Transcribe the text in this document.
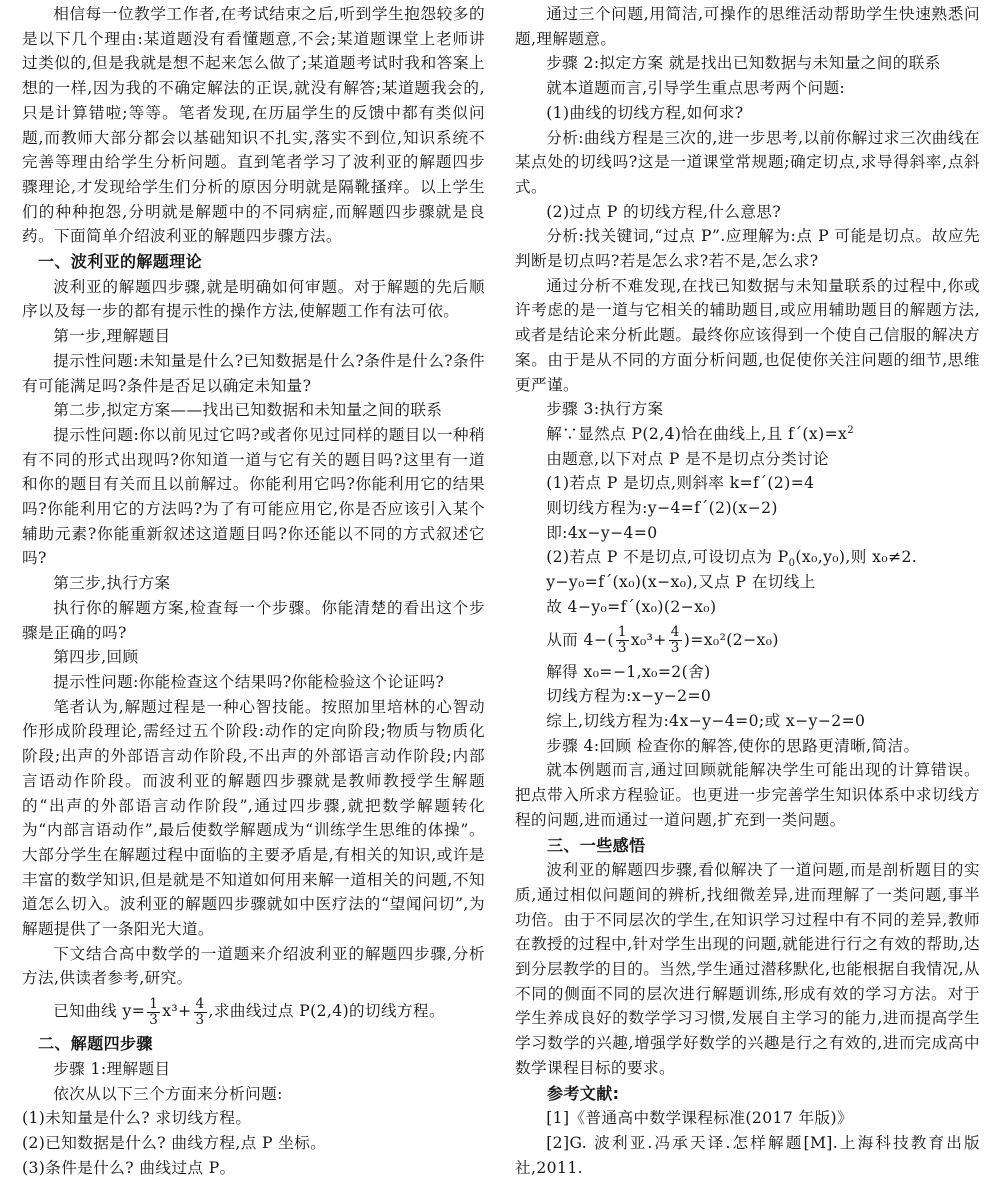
相信每一位教学工作者,在考试结束之后,听到学生抱怨较多的是以下几个理由:某道题没有看懂题意,不会;某道题课堂上老师讲过类似的,但是我就是想不起来怎么做了;某道题考试时我和答案上想的一样,因为我的不确定解法的正误,就没有解答;某道题我会的,只是计算错啦;等等。笔者发现,在历届学生的反馈中都有类似问题,而教师大部分都会以基础知识不扎实,落实不到位,知识系统不完善等理由给学生分析问题。直到笔者学习了波利亚的解题四步骤理论,才发现给学生们分析的原因分明就是隔靴搔痒。以上学生们的种种抱怨,分明就是解题中的不同病症,而解题四步骤就是良药。下面简单介绍波利亚的解题四步骤方法。

一、波利亚的解题理论

波利亚的解题四步骤,就是明确如何审题。对于解题的先后顺序以及每一步的都有提示性的操作方法,使解题工作有法可依。

第一步,理解题目

提示性问题:未知量是什么?已知数据是什么?条件是什么?条件有可能满足吗?条件是否足以确定未知量?

第二步,拟定方案——找出已知数据和未知量之间的联系

提示性问题:你以前见过它吗?或者你见过同样的题目以一种稍有不同的形式出现吗?你知道一道与它有关的题目吗?这里有一道和你的题目有关而且以前解过。你能利用它吗?你能利用它的结果吗?你能利用它的方法吗?为了有可能应用它,你是否应该引入某个辅助元素?你能重新叙述这道题目吗?你还能以不同的方式叙述它吗?

第三步,执行方案

执行你的解题方案,检查每一个步骤。你能清楚的看出这个步骤是正确的吗?

第四步,回顾

提示性问题:你能检查这个结果吗?你能检验这个论证吗?

笔者认为,解题过程是一种心智技能。按照加里培林的心智动作形成阶段理论,需经过五个阶段:动作的定向阶段;物质与物质化阶段;出声的外部语言动作阶段,不出声的外部语言动作阶段;内部言语动作阶段。而波利亚的解题四步骤就是教师教授学生解题的“出声的外部语言动作阶段”,通过四步骤,就把数学解题转化为“内部言语动作”,最后使数学解题成为“训练学生思维的体操”。大部分学生在解题过程中面临的主要矛盾是,有相关的知识,或许是丰富的数学知识,但是就是不知道如何用来解一道相关的问题,不知道怎么切入。波利亚的解题四步骤就如中医疗法的“望闻问切”,为解题提供了一条阳光大道。

下文结合高中数学的一道题来介绍波利亚的解题四步骤,分析方法,供读者参考,研究。

已知曲线 $y= \frac{1}{3} x^3+ \frac{4}{3}$ ,求曲线过点 P(2,4)的切线方程。

二、解题四步骤

步骤 1:理解题目

依次从以下三个方面来分析问题:

(1)未知量是什么? 求切线方程。

(2)已知数据是什么? 曲线方程,点 P 坐标。

(3)条件是什么? 曲线过点 P。

通过三个问题,用简洁,可操作的思维活动帮助学生快速熟悉问题,理解题意。

步骤 2:拟定方案 就是找出已知数据与未知量之间的联系

就本道题而言,引导学生重点思考两个问题:

(1)曲线的切线方程,如何求?

分析:曲线方程是三次的,进一步思考,以前你解过求三次曲线在某点处的切线吗?这是一道课堂常规题;确定切点,求导得斜率,点斜式。

(2)过点 P 的切线方程,什么意思?

分析:找关键词,“过点 P”.应理解为:点 P 可能是切点。故应先判断是切点吗?若是怎么求?若不是,怎么求?

通过分析不难发现,在找已知数据与未知量联系的过程中,你或许考虑的是一道与它相关的辅助题目,或应用辅助题目的解题方法,或者是结论来分析此题。最终你应该得到一个使自己信服的解决方案。由于是从不同的方面分析问题,也促使你关注问题的细节,思维更严谨。

步骤 3:执行方案

解∵显然点 P(2,4)恰在曲线上,且 $f´(x)=x^2$

由题意,以下对点 P 是不是切点分类讨论

(1)若点 P 是切点,则斜率 k=f´(2)=4

则切线方程为:y−4=f´(2)(x−2)

即:4x−y−4=0

(2)若点 P 不是切点,可设切点为 $P_0(x_0,y_0)$,则 x₀≠2.

y−y₀=f´(x₀)(x−x₀),又点 P 在切线上

故 4−y₀=f´(x₀)(2−x₀)

从而 $4-( \frac{1}{3} x_0^3+ \frac{4}{3} )=x_0^2(2-x_0)$

解得 x₀=−1,x₀=2(舍)

切线方程为:x−y−2=0

综上,切线方程为:4x−y−4=0;或 x−y−2=0

步骤 4:回顾 检查你的解答,使你的思路更清晰,简洁。

就本例题而言,通过回顾就能解决学生可能出现的计算错误。把点带入所求方程验证。也更进一步完善学生知识体系中求切线方程的问题,进而通过一道问题,扩充到一类问题。

三、一些感悟

波利亚的解题四步骤,看似解决了一道问题,而是剖析题目的实质,通过相似问题间的辨析,找细微差异,进而理解了一类问题,事半功倍。由于不同层次的学生,在知识学习过程中有不同的差异,教师在教授的过程中,针对学生出现的问题,就能进行行之有效的帮助,达到分层教学的目的。当然,学生通过潜移默化,也能根据自我情况,从不同的侧面不同的层次进行解题训练,形成有效的学习方法。对于学生养成良好的数学学习习惯,发展自主学习的能力,进而提高学生学习数学的兴趣,增强学好数学的兴趣是行之有效的,进而完成高中数学课程目标的要求。

参考文献:

[1]《普通高中数学课程标准(2017 年版)》

[2]G. 波利亚.冯承天译.怎样解题[M].上海科技教育出版社,2011.
